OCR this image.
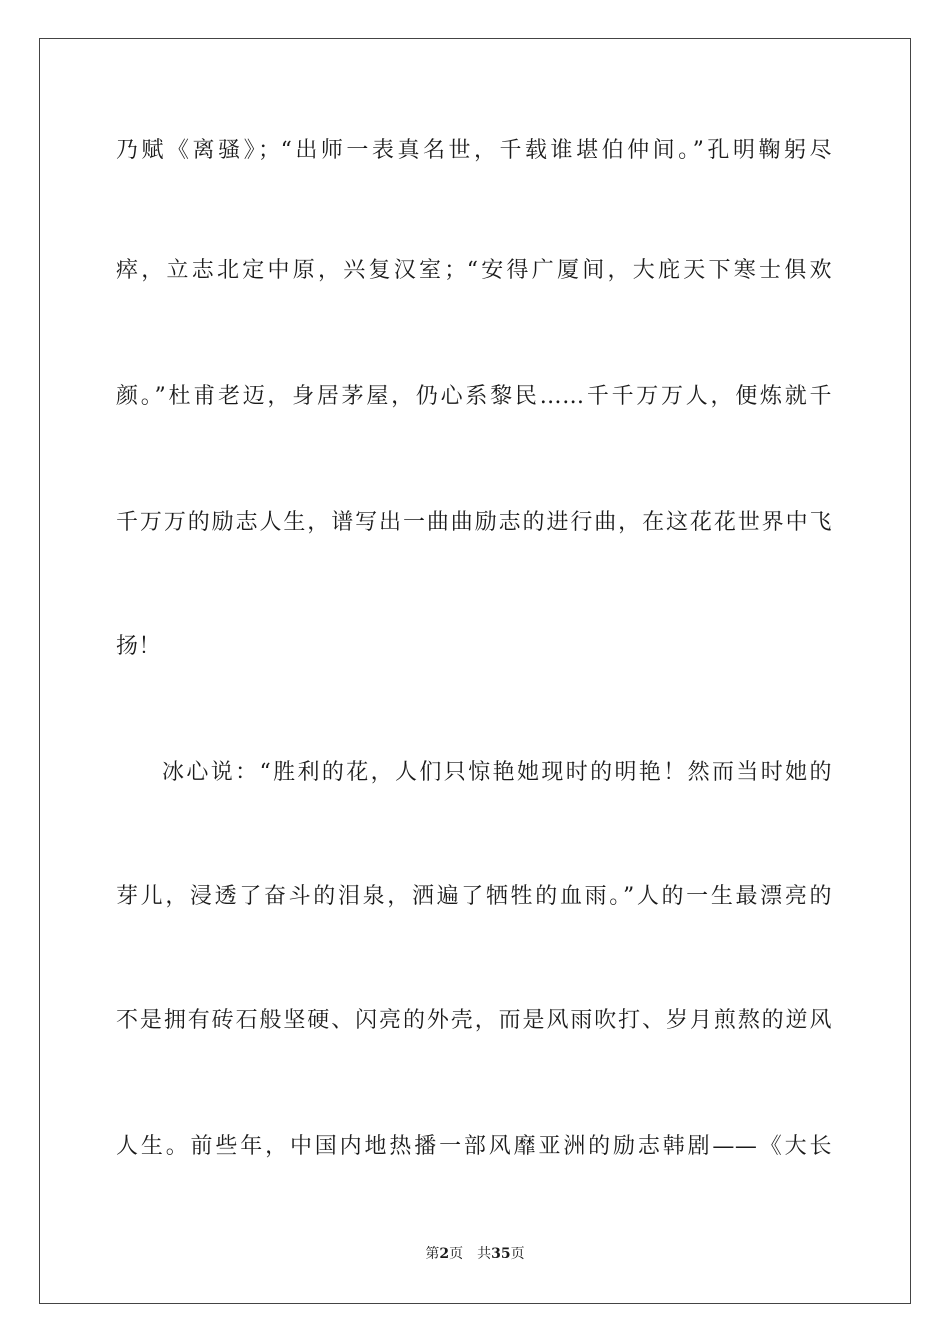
乃赋《离骚》；“出师一表真名世，千载谁堪伯仲间。”孔明鞠躬尽
瘁，立志北定中原，兴复汉室；“安得广厦间，大庇天下寒士俱欢
颜。”杜甫老迈，身居茅屋，仍心系黎民……千千万万人，便炼就千
千万万的励志人生，谱写出一曲曲励志的进行曲，在这花花世界中飞
扬！
冰心说：“胜利的花，人们只惊艳她现时的明艳！然而当时她的
芽儿，浸透了奋斗的泪泉，洒遍了牺牲的血雨。”人的一生最漂亮的
不是拥有砖石般坚硬、闪亮的外壳，而是风雨吹打、岁月煎熬的逆风
人生。前些年，中国内地热播一部风靡亚洲的励志韩剧——《大长
第2页 共35页
